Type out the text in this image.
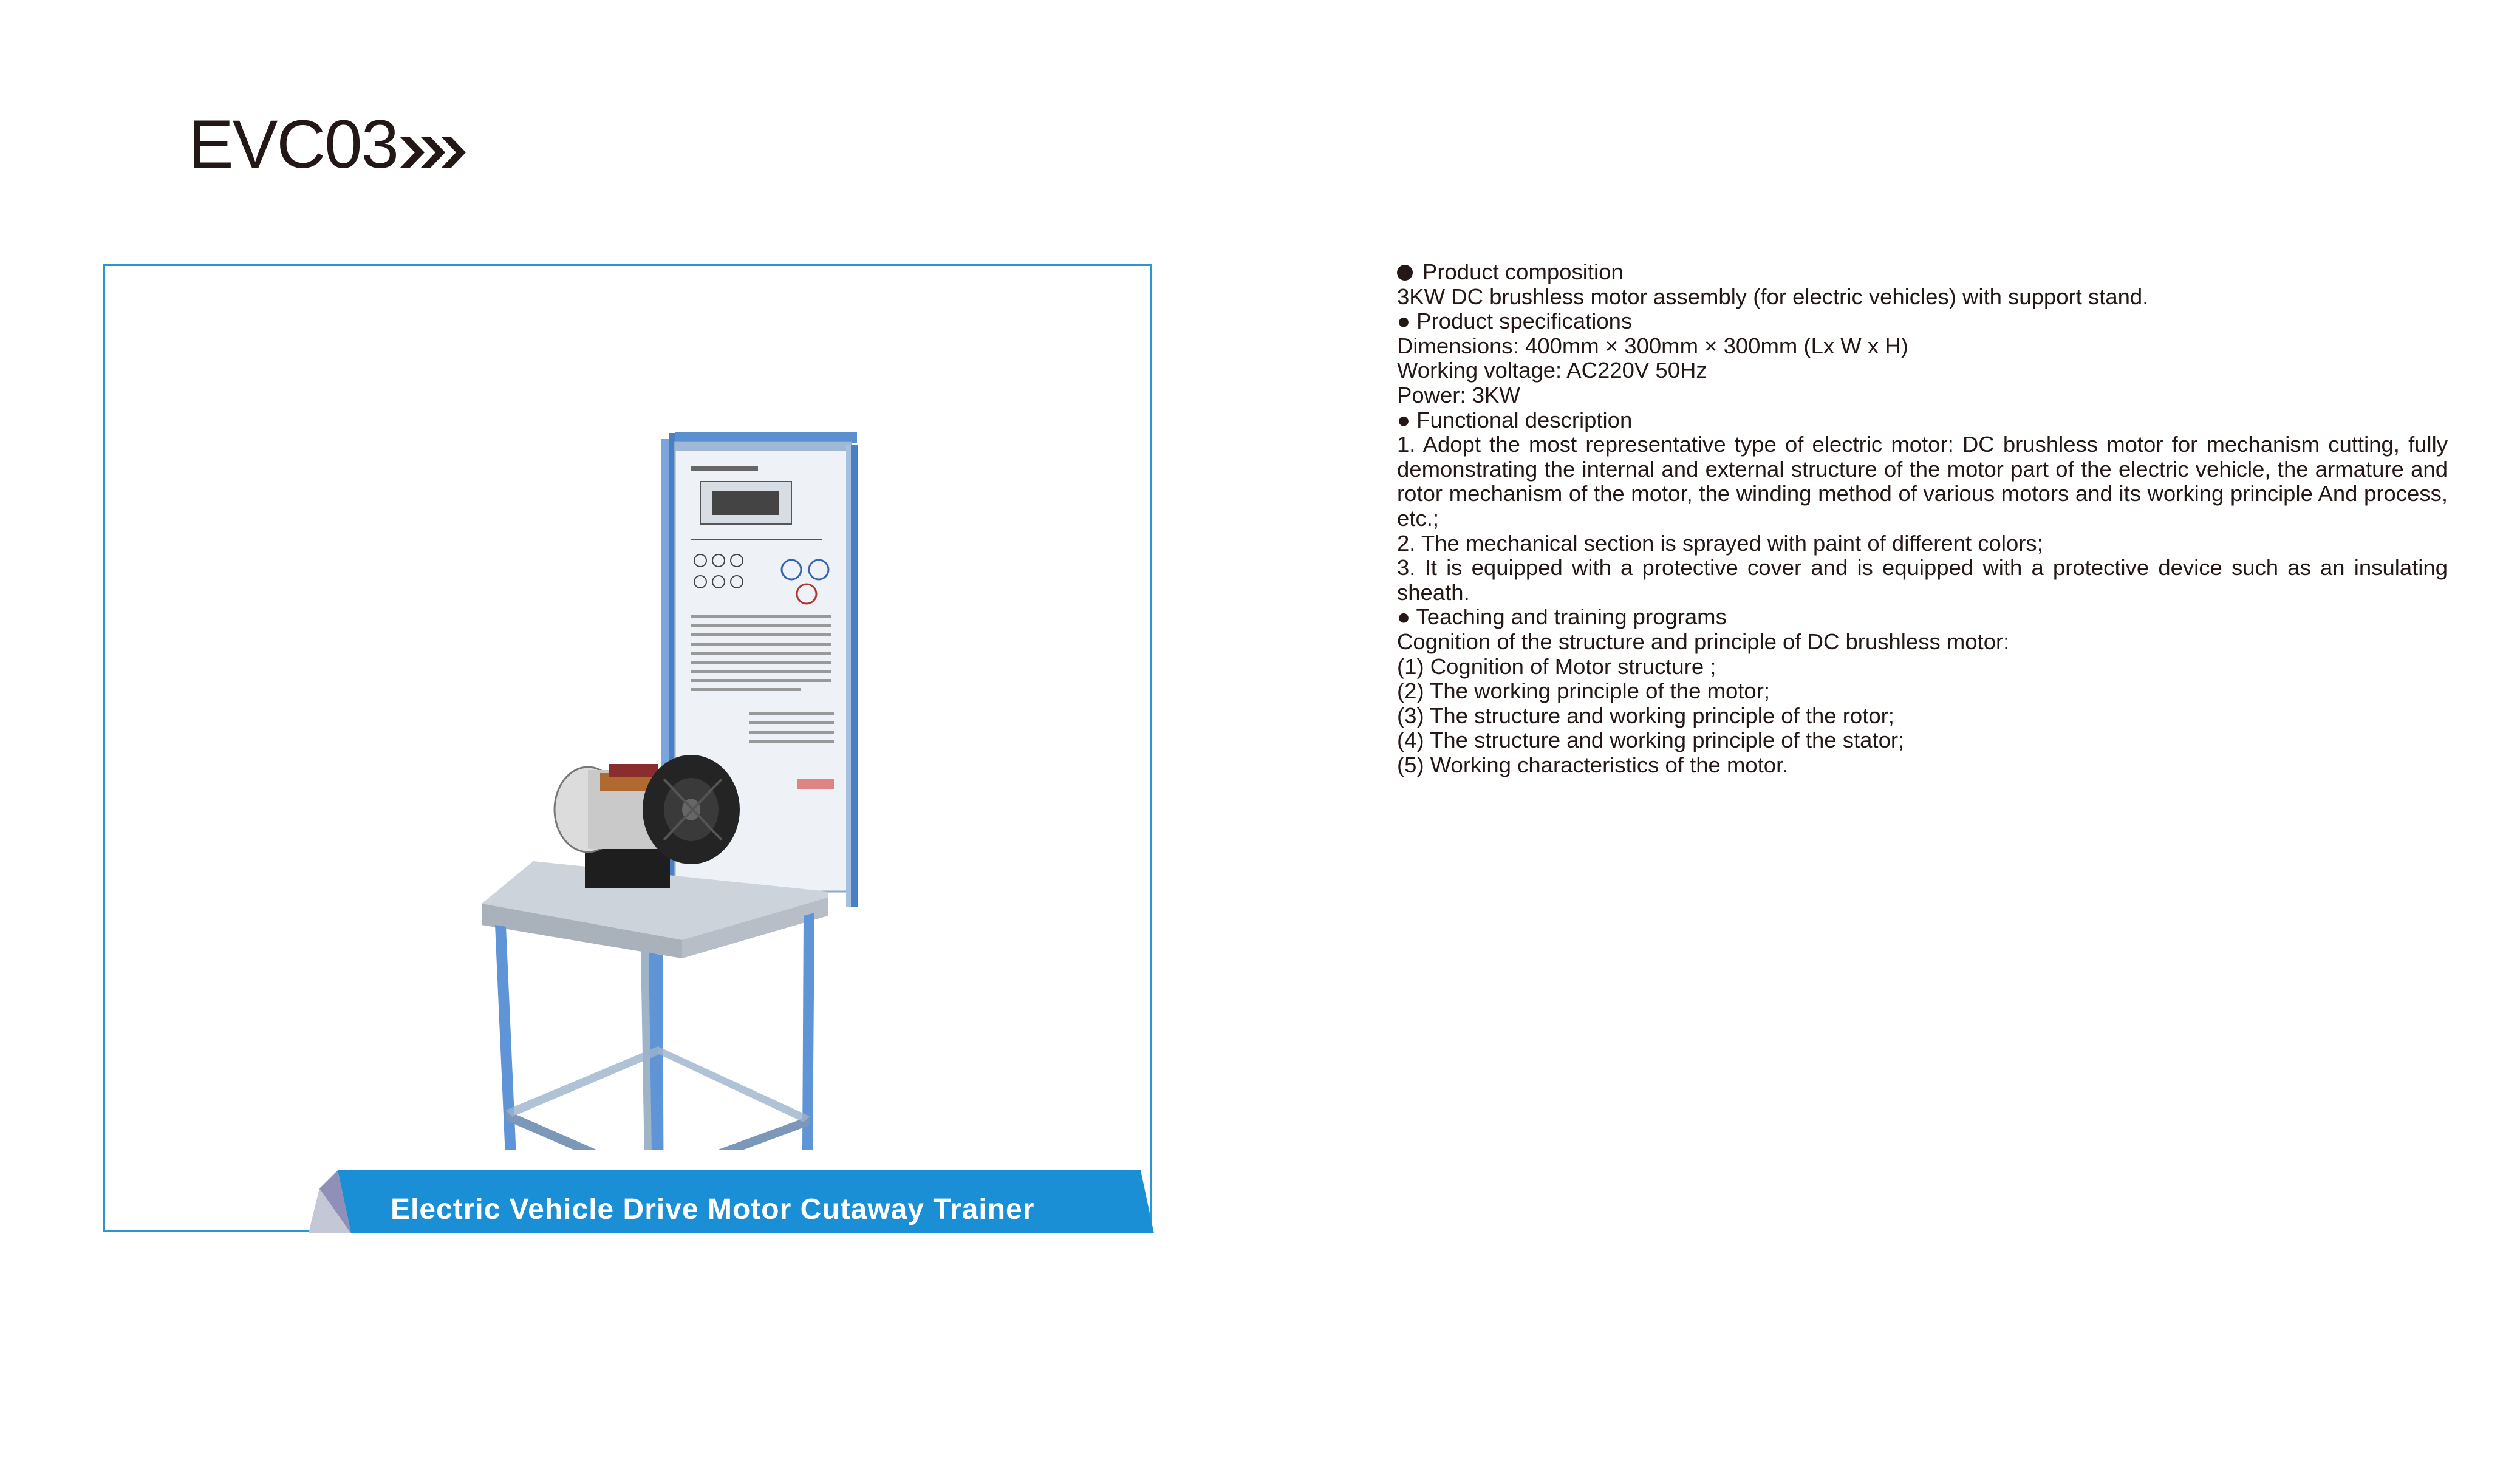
EVC03
Electric Vehicle Drive Motor Cutaway Trainer

Product composition

3KW DC brushless motor assembly (for electric vehicles) with support stand.

● Product specifications

Dimensions: 400mm × 300mm × 300mm (Lx W x H)

Working voltage: AC220V 50Hz

Power: 3KW

● Functional description

1. Adopt the most representative type of electric motor: DC brushless motor for mechanism cutting, fully demonstrating the internal and external structure of the motor part of the electric vehicle, the armature and rotor mechanism of the motor, the winding method of various motors and its working principle And process, etc.;

2. The mechanical section is sprayed with paint of different colors;

3. It is equipped with a protective cover and is equipped with a protective device such as an insulating sheath.

● Teaching and training programs

Cognition of the structure and principle of DC brushless motor:

(1) Cognition of Motor structure ;

(2) The working principle of the motor;

(3) The structure and working principle of the rotor;

(4) The structure and working principle of the stator;

(5) Working characteristics of the motor.
